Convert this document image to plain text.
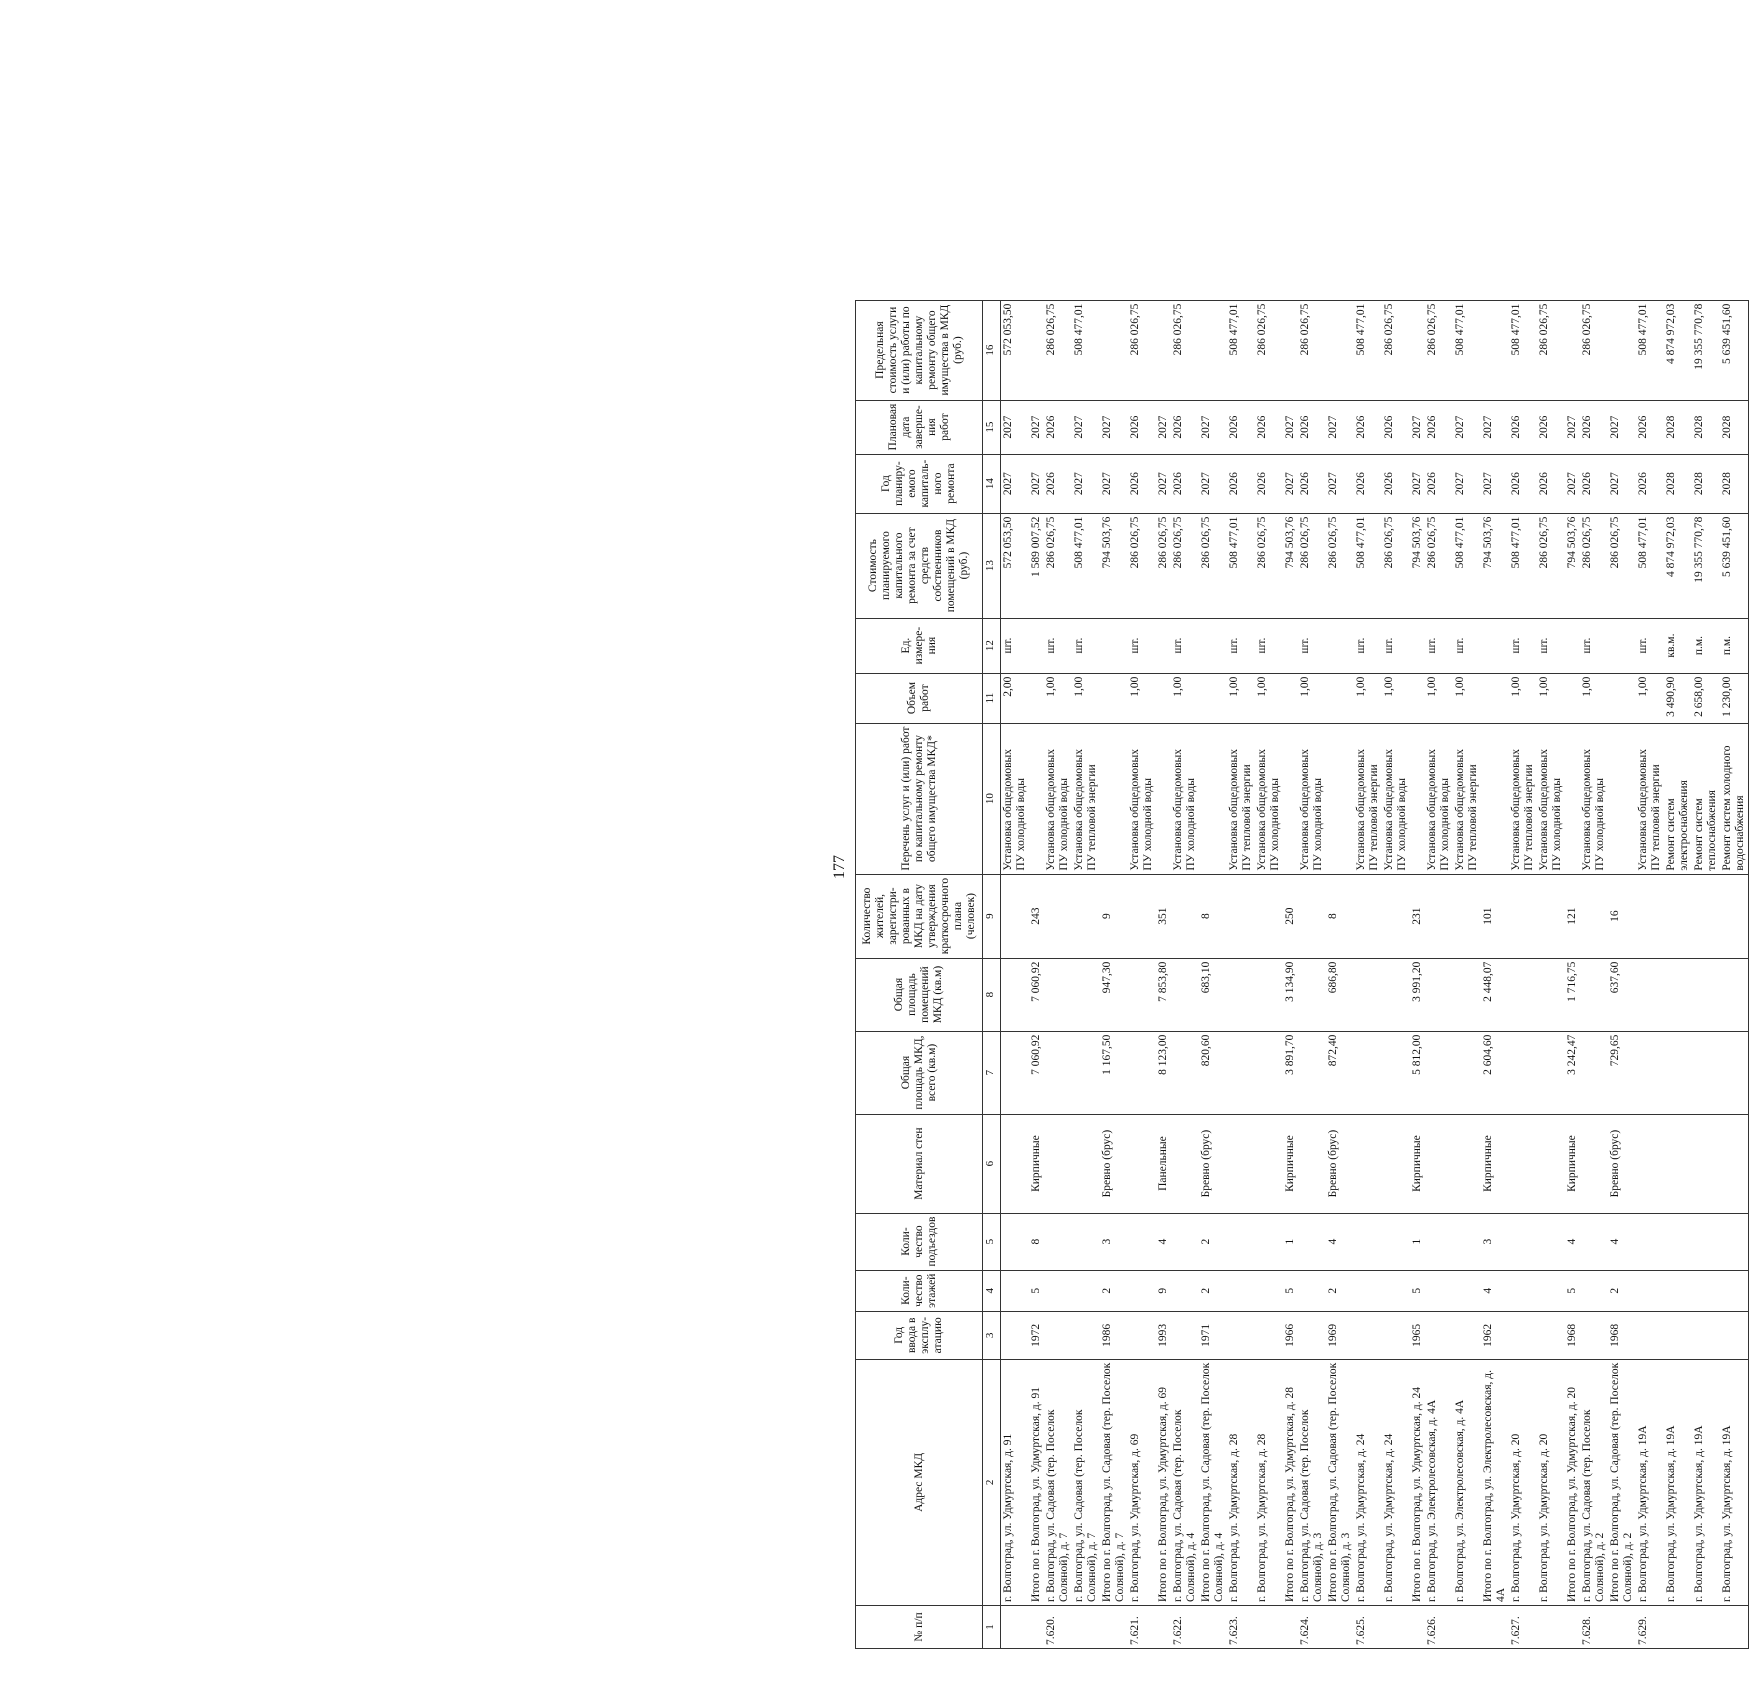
177
№ п/п	Адрес МКД	Год ввода в эксплу-атацию	Коли-чество этажей	Коли-чество подъездов	Материал стен	Общая площадь МКД, всего (кв.м)	Общая площадь помещений МКД (кв.м)	Количество жителей, зарегистри-рованных в МКД на дату утверждения краткосрочного плана (человек)	Перечень услуг и (или) работ по капитальному ремонту общего имущества МКД*	Объем работ	Ед. измере-ния	Стоимость планируемого капитального ремонта за счет средств собственников помещений в МКД (руб.)	Год планиру-емого капиталь-ного ремонта	Плановая дата заверше-ния работ	Предельная стоимость услуги и (или) работы по капитальному ремонту общего имущества в МКД (руб.)
1	2	3	4	5	6	7	8	9	10	11	12	13	14	15	16

	г. Волгоград, ул. Удмуртская, д. 91								Установка общедомовых ПУ холодной воды	2,00	шт.	572 053,50	2027	2027	572 053,50

	Итого по г. Волгоград, ул. Удмуртская, д. 91	1972	5	8	Кирпичные	7 060,92	7 060,92	243				1 589 007,52	2027	2027	
7.620.	г. Волгоград, ул. Садовая (тер. Поселок Соляной), д. 7								Установка общедомовых ПУ холодной воды	1,00	шт.	286 026,75	2026	2026	286 026,75

	г. Волгоград, ул. Садовая (тер. Поселок Соляной), д. 7								Установка общедомовых ПУ тепловой энергии	1,00	шт.	508 477,01	2027	2027	508 477,01

	Итого по г. Волгоград, ул. Садовая (тер. Поселок Соляной), д. 7	1986	2	3	Бревно (брус)	1 167,50	947,30	9				794 503,76	2027	2027	
7.621.	г. Волгоград, ул. Удмуртская, д. 69								Установка общедомовых ПУ холодной воды	1,00	шт.	286 026,75	2026	2026	286 026,75

	Итого по г. Волгоград, ул. Удмуртская, д. 69	1993	9	4	Панельные	8 123,00	7 853,80	351				286 026,75	2027	2027	
7.622.	г. Волгоград, ул. Садовая (тер. Поселок Соляной), д. 4								Установка общедомовых ПУ холодной воды	1,00	шт.	286 026,75	2026	2026	286 026,75

	Итого по г. Волгоград, ул. Садовая (тер. Поселок Соляной), д. 4	1971	2	2	Бревно (брус)	820,60	683,10	8				286 026,75	2027	2027	
7.623.	г. Волгоград, ул. Удмуртская, д. 28								Установка общедомовых ПУ тепловой энергии	1,00	шт.	508 477,01	2026	2026	508 477,01

	г. Волгоград, ул. Удмуртская, д. 28								Установка общедомовых ПУ холодной воды	1,00	шт.	286 026,75	2026	2026	286 026,75

	Итого по г. Волгоград, ул. Удмуртская, д. 28	1966	5	1	Кирпичные	3 891,70	3 134,90	250				794 503,76	2027	2027	
7.624.	г. Волгоград, ул. Садовая (тер. Поселок Соляной), д. 3								Установка общедомовых ПУ холодной воды	1,00	шт.	286 026,75	2026	2026	286 026,75

	Итого по г. Волгоград, ул. Садовая (тер. Поселок Соляной), д. 3	1969	2	4	Бревно (брус)	872,40	686,80	8				286 026,75	2027	2027	
7.625.	г. Волгоград, ул. Удмуртская, д. 24								Установка общедомовых ПУ тепловой энергии	1,00	шт.	508 477,01	2026	2026	508 477,01

	г. Волгоград, ул. Удмуртская, д. 24								Установка общедомовых ПУ холодной воды	1,00	шт.	286 026,75	2026	2026	286 026,75

	Итого по г. Волгоград, ул. Удмуртская, д. 24	1965	5	1	Кирпичные	5 812,00	3 991,20	231				794 503,76	2027	2027	
7.626.	г. Волгоград, ул. Электролесовская, д. 4А								Установка общедомовых ПУ холодной воды	1,00	шт.	286 026,75	2026	2026	286 026,75

	г. Волгоград, ул. Электролесовская, д. 4А								Установка общедомовых ПУ тепловой энергии	1,00	шт.	508 477,01	2027	2027	508 477,01

	Итого по г. Волгоград, ул. Электролесовская, д. 4А	1962	4	3	Кирпичные	2 604,60	2 448,07	101				794 503,76	2027	2027	
7.627.	г. Волгоград, ул. Удмуртская, д. 20								Установка общедомовых ПУ тепловой энергии	1,00	шт.	508 477,01	2026	2026	508 477,01

	г. Волгоград, ул. Удмуртская, д. 20								Установка общедомовых ПУ холодной воды	1,00	шт.	286 026,75	2026	2026	286 026,75

	Итого по г. Волгоград, ул. Удмуртская, д. 20	1968	5	4	Кирпичные	3 242,47	1 716,75	121				794 503,76	2027	2027	
7.628.	г. Волгоград, ул. Садовая (тер. Поселок Соляной), д. 2								Установка общедомовых ПУ холодной воды	1,00	шт.	286 026,75	2026	2026	286 026,75

	Итого по г. Волгоград, ул. Садовая (тер. Поселок Соляной), д. 2	1968	2	4	Бревно (брус)	729,65	637,60	16				286 026,75	2027	2027	
7.629.	г. Волгоград, ул. Удмуртская, д. 19А								Установка общедомовых ПУ тепловой энергии	1,00	шт.	508 477,01	2026	2026	508 477,01

	г. Волгоград, ул. Удмуртская, д. 19А								Ремонт систем электроснабжения	3 490,90	кв.м.	4 874 972,03	2028	2028	4 874 972,03

	г. Волгоград, ул. Удмуртская, д. 19А								Ремонт систем теплоснабжения	2 658,00	п.м.	19 355 770,78	2028	2028	19 355 770,78

	г. Волгоград, ул. Удмуртская, д. 19А								Ремонт систем холодного водоснабжения	1 230,00	п.м.	5 639 451,60	2028	2028	5 639 451,60
